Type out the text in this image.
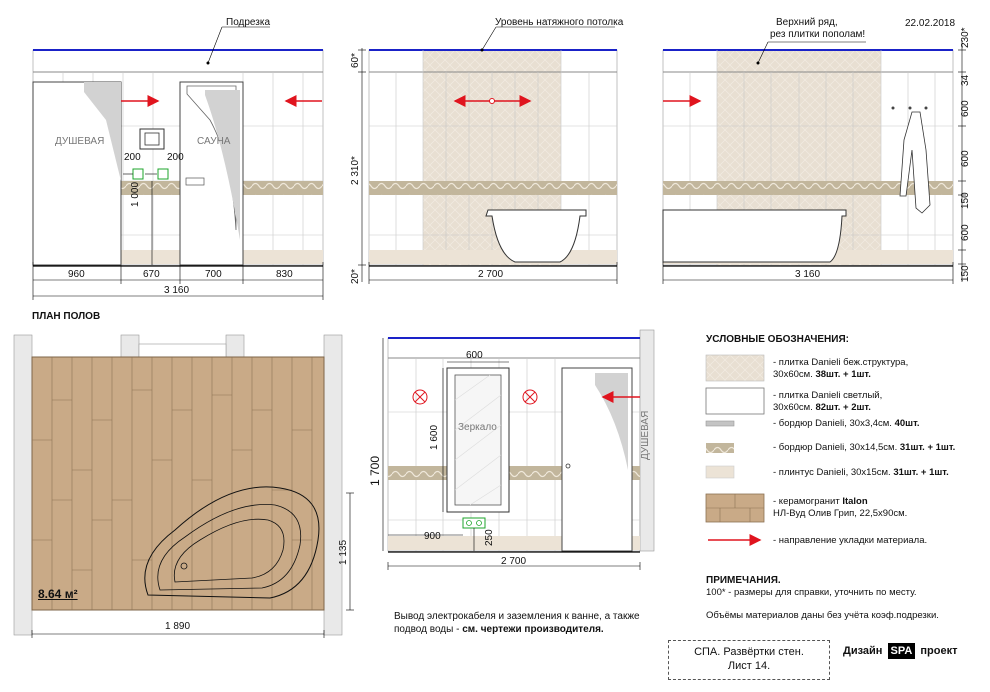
22.02.2018
Подрезка
ДУШЕВАЯ	САУНА
200	200
1 000
960	670	700	830
3 160
Уровень натяжного потолка
60*
2 310*
20*	2 700
Верхний ряд,
рез плитки пополам!	230*
34
600
600
150
600
150
3 160
ПЛАН ПОЛОВ
8.64 м²
1 890
1 135
600
1 600 Зеркало
1 700
900	250
ДУШЕВАЯ
2 700
Вывод электрокабеля и заземления к ванне, а также
подвод воды - см. чертежи производителя.
УСЛОВНЫЕ ОБОЗНАЧЕНИЯ:
- плитка Danieli беж.структура,
30х60см. 38шт. + 1шт.
- плитка Danieli светлый,
30х60см. 82шт. + 2шт.
- бордюр Danieli, 30х3,4см. 40шт.
- бордюр Danieli, 30х14,5см. 31шт. + 1шт.
- плинтус Danieli, 30х15см. 31шт. + 1шт.
- керамогранит Italon
НЛ-Вуд Олив Грип, 22,5х90см.
- направление укладки материала.
ПРИМЕЧАНИЯ.
100* - размеры для справки, уточнить по месту.
Объёмы материалов даны без учёта коэф.подрезки.
СПА. Развёртки стен.
Лист 14.
Дизайн SPA проект
